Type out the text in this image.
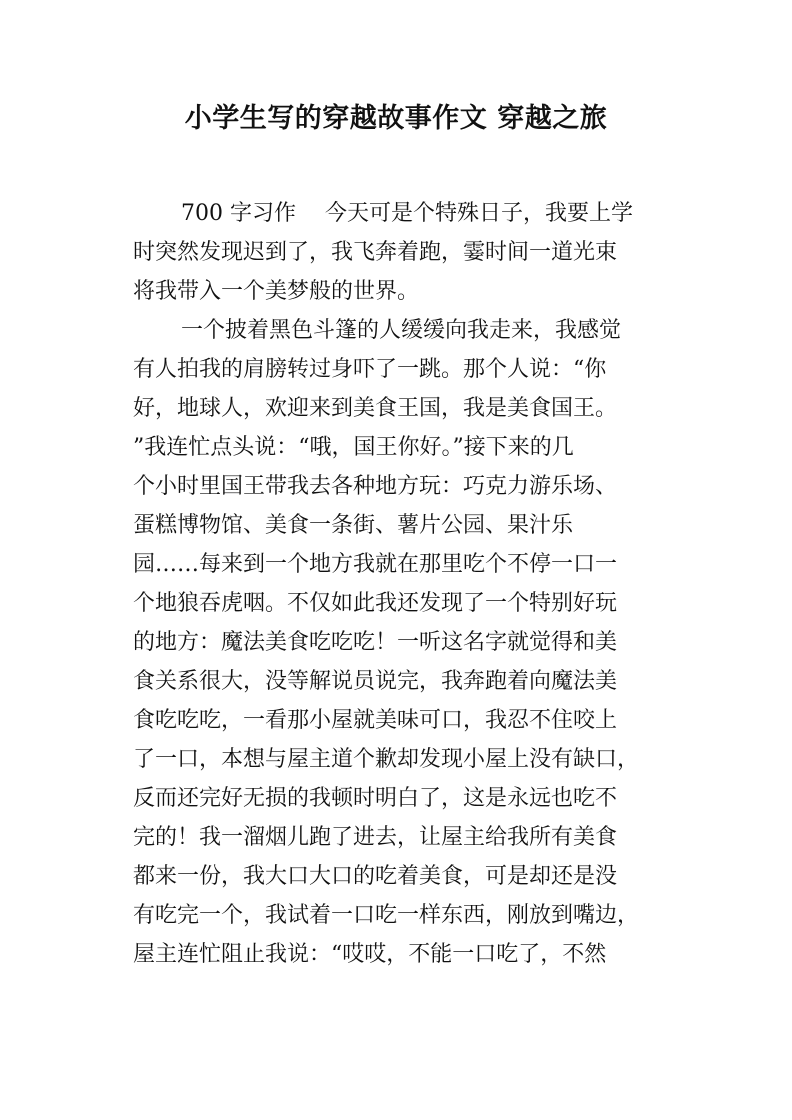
小学生写的穿越故事作文 穿越之旅
700 字习作　 今天可是个特殊日子，我要上学
时突然发现迟到了，我飞奔着跑，霎时间一道光束
将我带入一个美梦般的世界。
一个披着黑色斗篷的人缓缓向我走来，我感觉
有人拍我的肩膀转过身吓了一跳。那个人说：“你
好，地球人，欢迎来到美食王国，我是美食国王。
”我连忙点头说：“哦，国王你好。”接下来的几
个小时里国王带我去各种地方玩：巧克力游乐场、
蛋糕博物馆、美食一条街、薯片公园、果汁乐
园……每来到一个地方我就在那里吃个不停一口一
个地狼吞虎咽。不仅如此我还发现了一个特别好玩
的地方：魔法美食吃吃吃！一听这名字就觉得和美
食关系很大，没等解说员说完，我奔跑着向魔法美
食吃吃吃，一看那小屋就美味可口，我忍不住咬上
了一口，本想与屋主道个歉却发现小屋上没有缺口，
反而还完好无损的我顿时明白了，这是永远也吃不
完的！我一溜烟儿跑了进去，让屋主给我所有美食
都来一份，我大口大口的吃着美食，可是却还是没
有吃完一个，我试着一口吃一样东西，刚放到嘴边，
屋主连忙阻止我说：“哎哎，不能一口吃了，不然
